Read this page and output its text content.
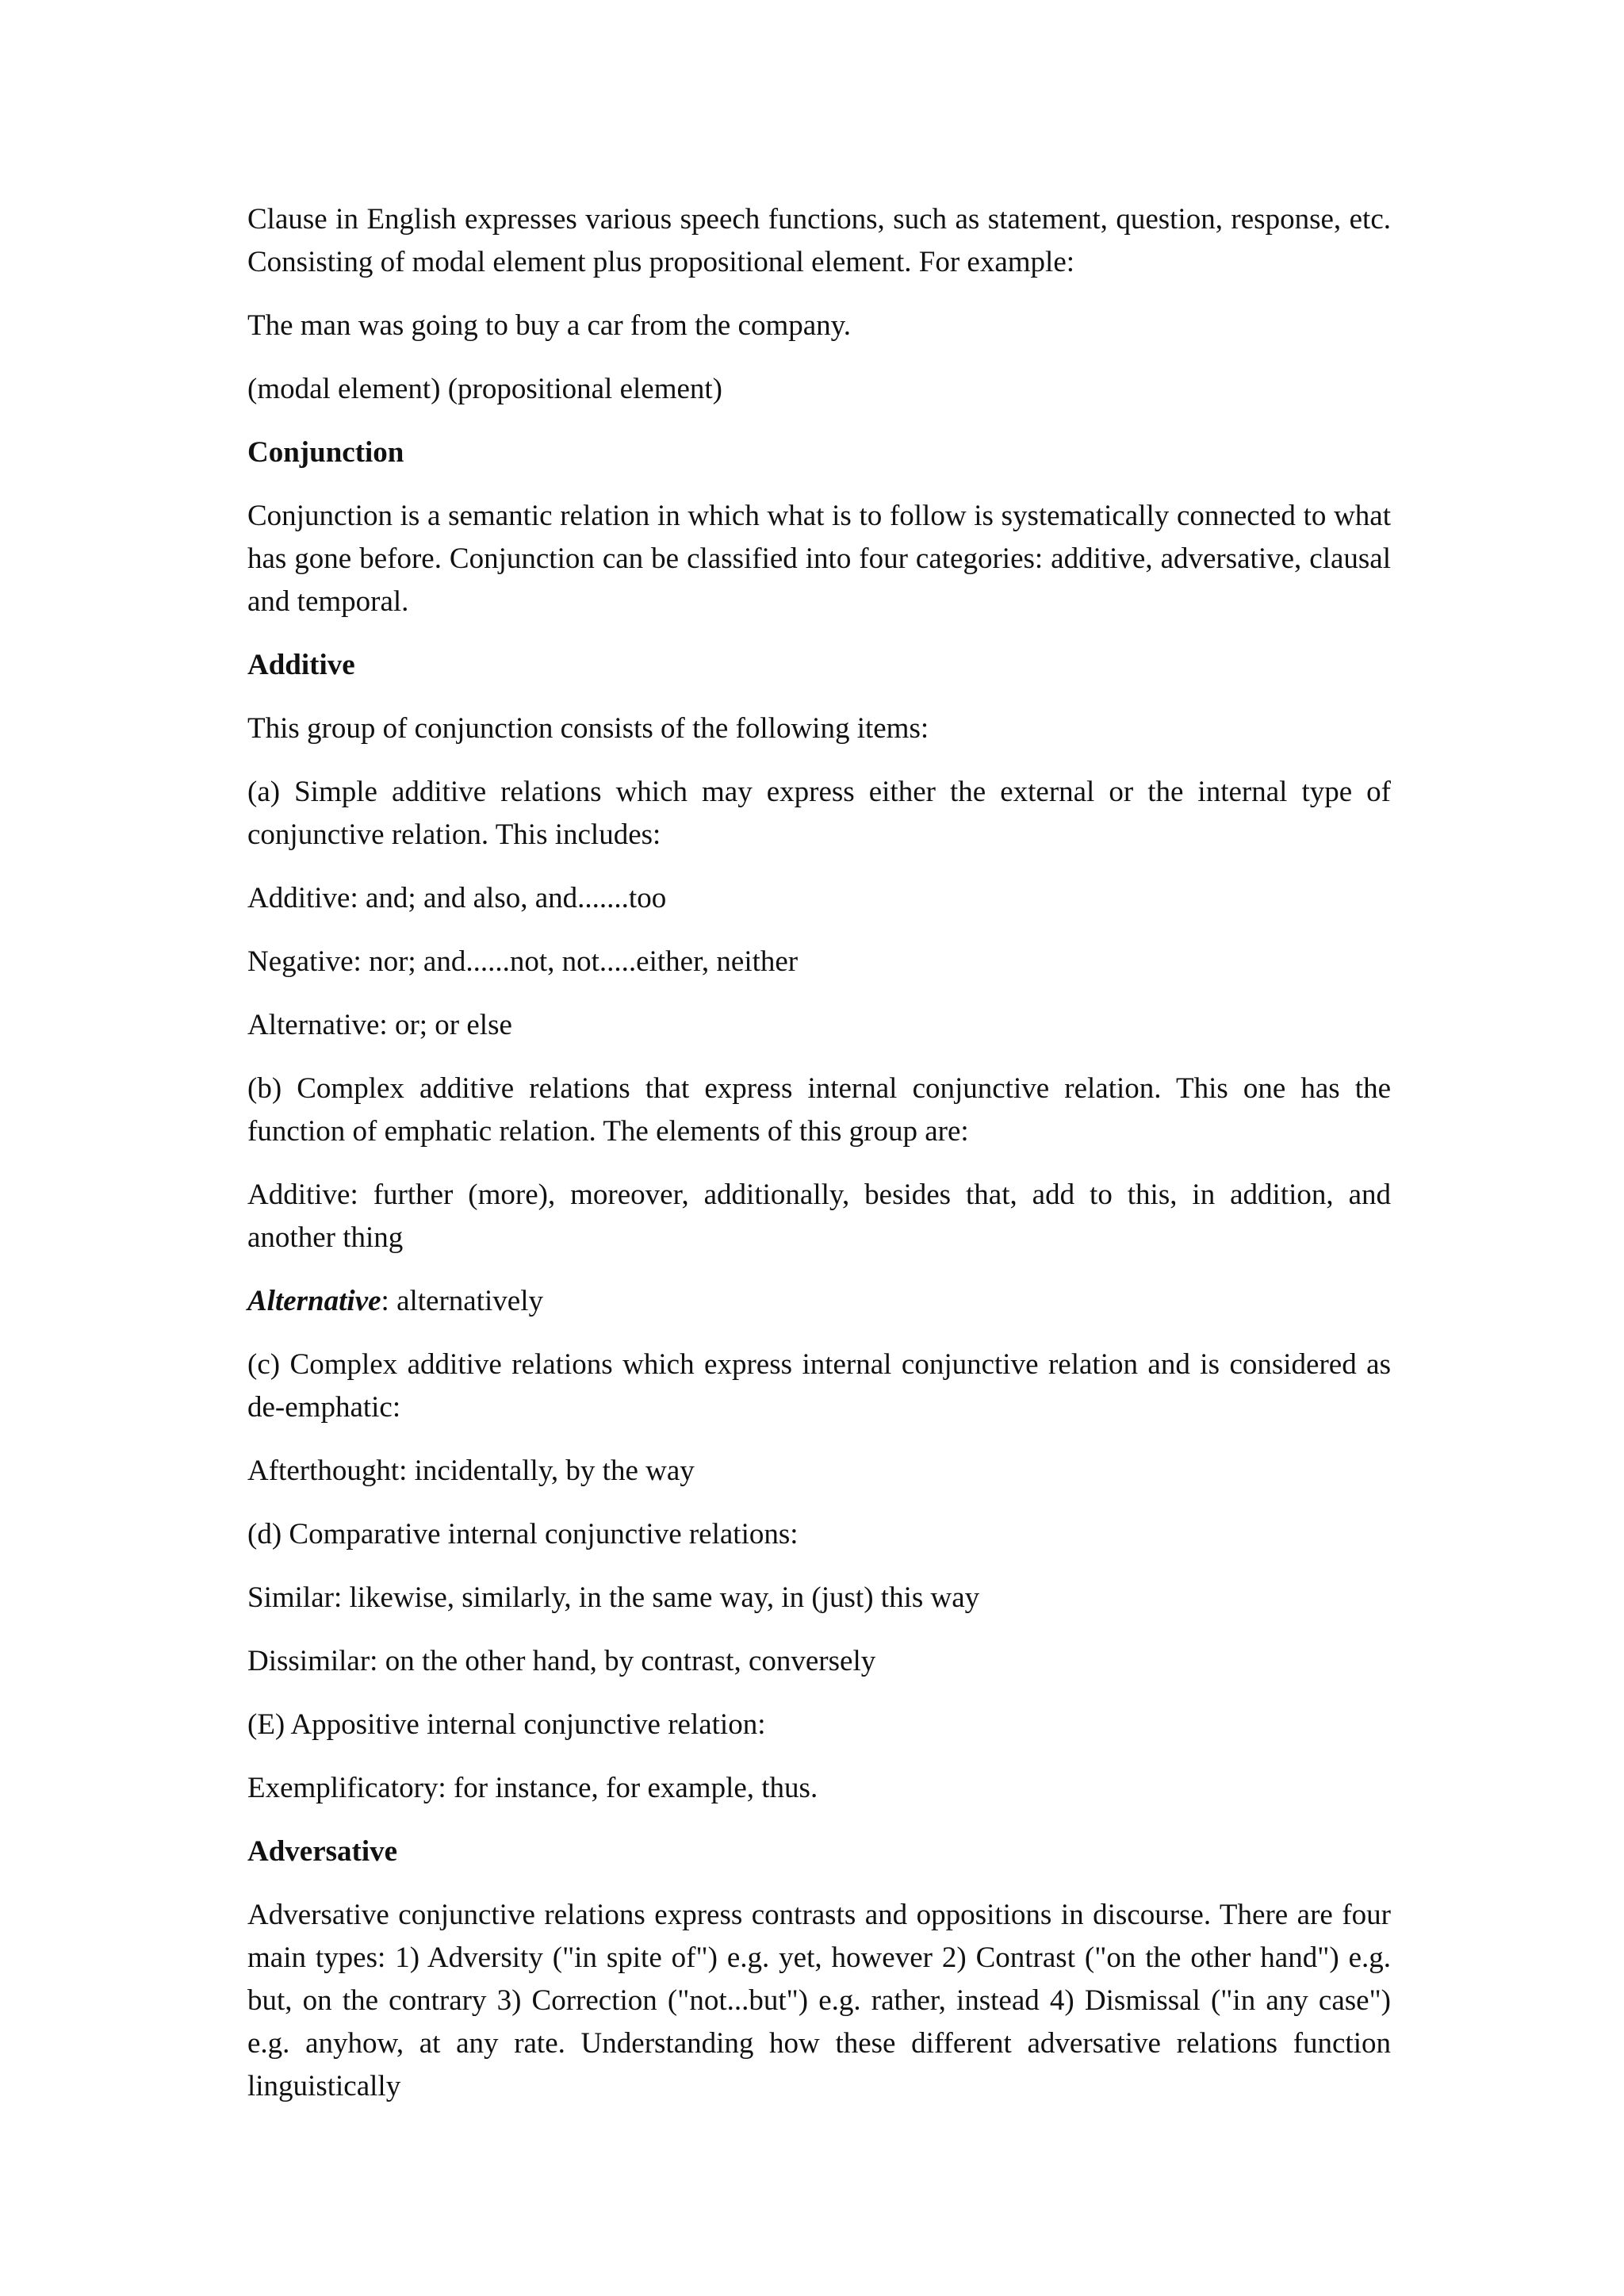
Clause in English expresses various speech functions, such as statement, question, response, etc. Consisting of modal element plus propositional element. For example:

The man was going to buy a car from the company.

(modal element) (propositional element)

Conjunction

Conjunction is a semantic relation in which what is to follow is systematically connected to what has gone before. Conjunction can be classified into four categories: additive, adversative, clausal and temporal.

Additive

This group of conjunction consists of the following items:

(a) Simple additive relations which may express either the external or the internal type of conjunctive relation. This includes:

Additive: and; and also, and.......too

Negative: nor; and......not, not.....either, neither

Alternative: or; or else

(b) Complex additive relations that express internal conjunctive relation. This one has the function of emphatic relation. The elements of this group are:

Additive: further (more), moreover, additionally, besides that, add to this, in addition, and another thing

Alternative: alternatively

(c) Complex additive relations which express internal conjunctive relation and is considered as de-emphatic:

Afterthought: incidentally, by the way

(d) Comparative internal conjunctive relations:

Similar: likewise, similarly, in the same way, in (just) this way

Dissimilar: on the other hand, by contrast, conversely

(E) Appositive internal conjunctive relation:

Exemplificatory: for instance, for example, thus.

Adversative

Adversative conjunctive relations express contrasts and oppositions in discourse. There are four main types: 1) Adversity ("in spite of") e.g. yet, however 2) Contrast ("on the other hand") e.g. but, on the contrary 3) Correction ("not...but") e.g. rather, instead 4) Dismissal ("in any case") e.g. anyhow, at any rate. Understanding how these different adversative relations function linguistically
